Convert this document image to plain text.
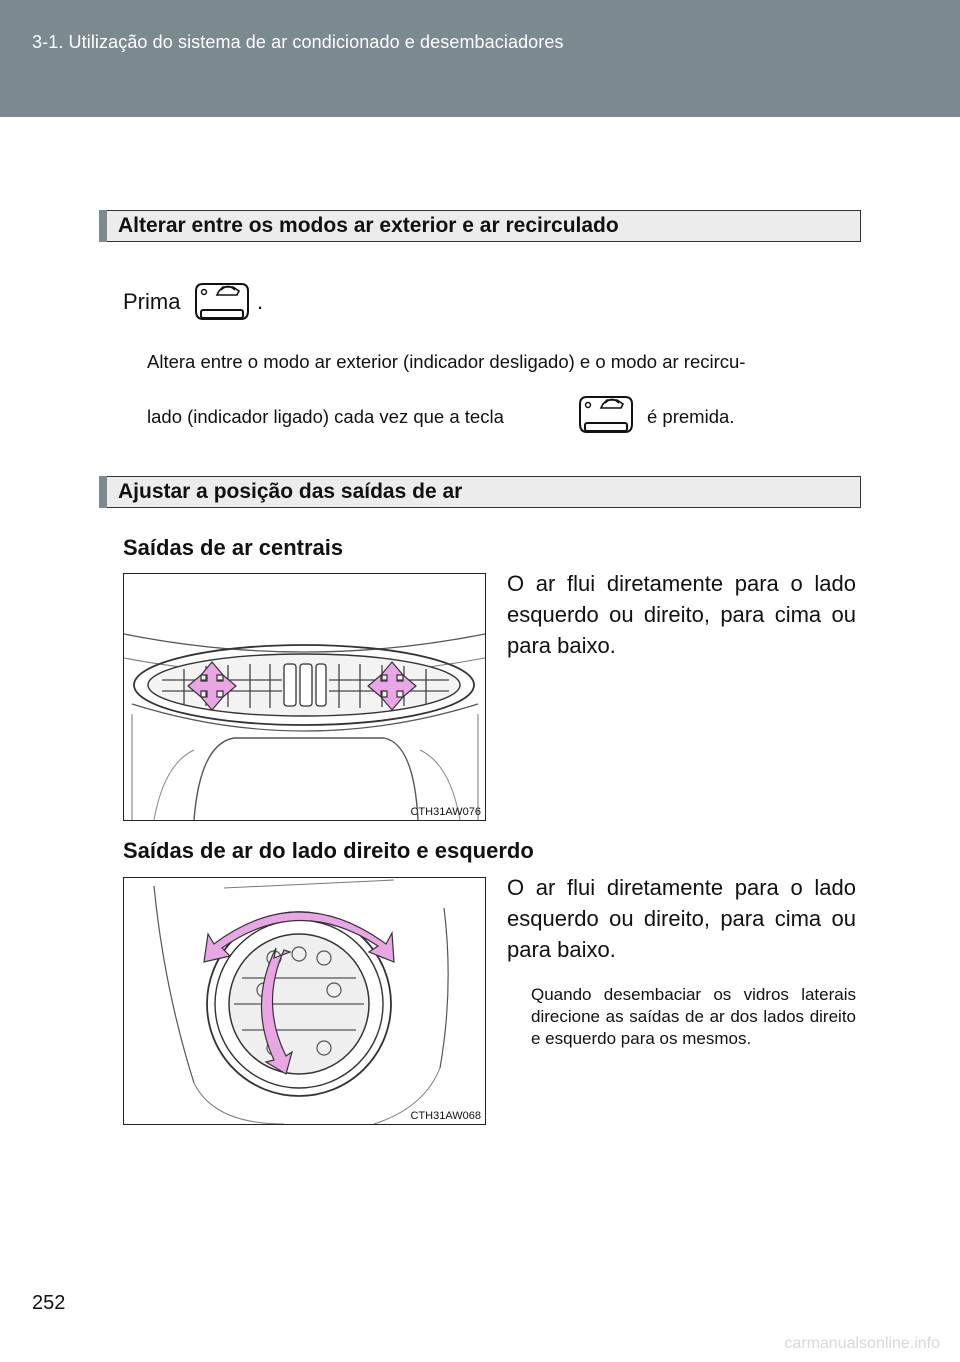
3-1. Utilização do sistema de ar condicionado e desembaciadores
Alterar entre os modos ar exterior e ar recirculado
Prima	.
Altera entre o modo ar exterior (indicador desligado) e o modo ar recircu-
lado (indicador ligado) cada vez que a tecla	é premida.
Ajustar a posição das saídas de ar
Saídas de ar centrais
CTH31AW076
O ar flui diretamente para o lado esquerdo ou direito, para cima ou para baixo.
Saídas de ar do lado direito e esquerdo
CTH31AW068
O ar flui diretamente para o lado esquerdo ou direito, para cima ou para baixo.
Quando desembaciar os vidros laterais direcione as saídas de ar dos lados direito e esquerdo para os mesmos.
252
carmanualsonline.info
